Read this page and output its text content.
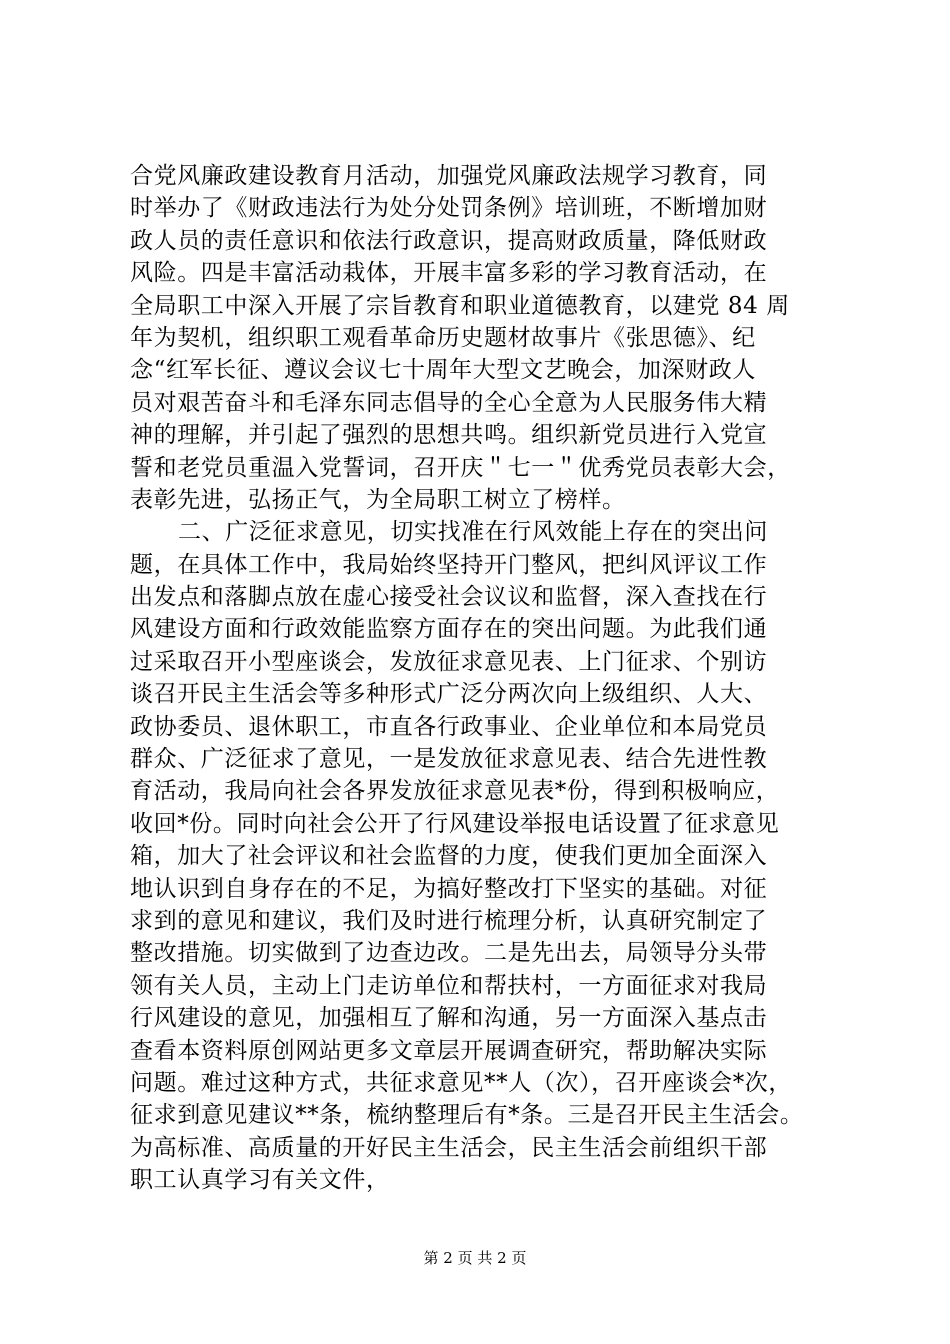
合党风廉政建设教育月活动，加强党风廉政法规学习教育，同
时举办了《财政违法行为处分处罚条例》培训班，不断增加财
政人员的责任意识和依法行政意识，提高财政质量，降低财政
风险。四是丰富活动栽体，开展丰富多彩的学习教育活动，在
全局职工中深入开展了宗旨教育和职业道德教育，以建党 84 周
年为契机，组织职工观看革命历史题材故事片《张思德》、纪
念“红军长征、遵议会议七十周年大型文艺晚会，加深财政人
员对艰苦奋斗和毛泽东同志倡导的全心全意为人民服务伟大精
神的理解，并引起了强烈的思想共鸣。组织新党员进行入党宣
誓和老党员重温入党誓词，召开庆＂七一＂优秀党员表彰大会，
表彰先进，弘扬正气，为全局职工树立了榜样。
二、广泛征求意见，切实找准在行风效能上存在的突出问
题，在具体工作中，我局始终坚持开门整风，把纠风评议工作
出发点和落脚点放在虚心接受社会议议和监督，深入查找在行
风建设方面和行政效能监察方面存在的突出问题。为此我们通
过采取召开小型座谈会，发放征求意见表、上门征求、个别访
谈召开民主生活会等多种形式广泛分两次向上级组织、人大、
政协委员、退休职工，市直各行政事业、企业单位和本局党员
群众、广泛征求了意见，一是发放征求意见表、结合先进性教
育活动，我局向社会各界发放征求意见表*份，得到积极响应，
收回*份。同时向社会公开了行风建设举报电话设置了征求意见
箱，加大了社会评议和社会监督的力度，使我们更加全面深入
地认识到自身存在的不足，为搞好整改打下坚实的基础。对征
求到的意见和建议，我们及时进行梳理分析，认真研究制定了
整改措施。切实做到了边查边改。二是先出去，局领导分头带
领有关人员，主动上门走访单位和帮扶村，一方面征求对我局
行风建设的意见，加强相互了解和沟通，另一方面深入基点击
查看本资料原创网站更多文章层开展调查研究，帮助解决实际
问题。难过这种方式，共征求意见**人（次），召开座谈会*次，
征求到意见建议**条，梳纳整理后有*条。三是召开民主生活会。
为高标准、高质量的开好民主生活会，民主生活会前组织干部
职工认真学习有关文件，
第 2 页 共 2 页
